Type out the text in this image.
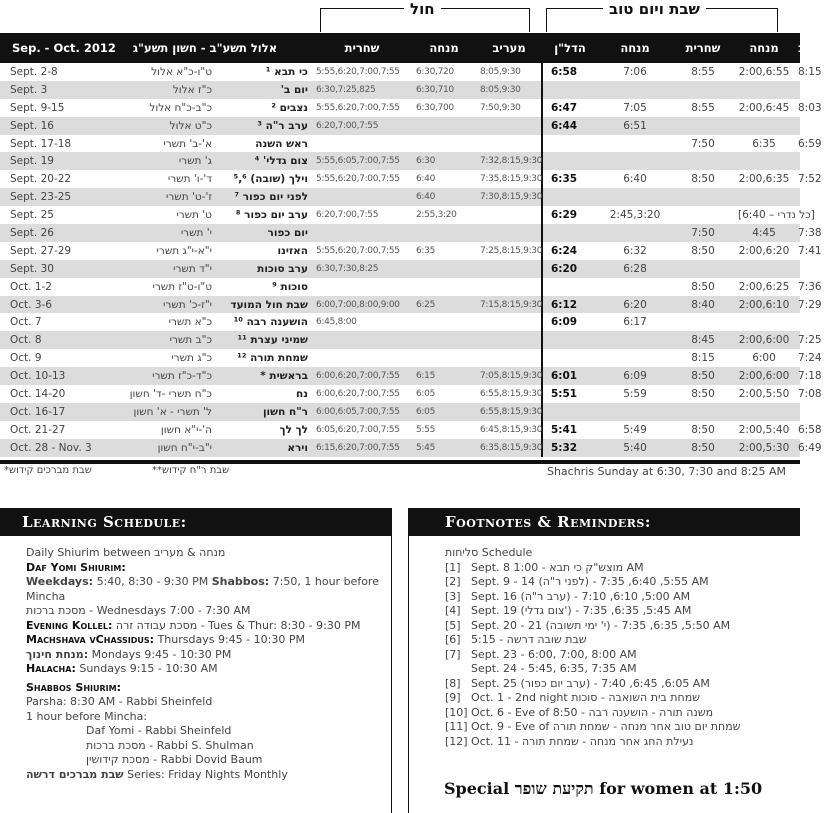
חול	שבת ויום טוב
Sep. - Oct. 2012	אלול תשע"ב - חשון תשע"ג		שחרית	מנחה	מעריב	הדל"ן	מנחה	שחרית	מנחה	מעריב
Sept. 2-8	ט"ו-כ"א אלול	כי תבא ¹	5:55,6:20,7:00,7:55	6:30,720	8:05,9:30	6:58	7:06	8:55	2:00,6:55	8:15
Sept. 3	כ"ז אלול	יום ב'	6:30,7:25,825	6:30,710	8:05,9:30					
Sept. 9-15	כ"ב-כ"ח אלול	נצבים ²	5:55,6:20,7:00,7:55	6:30,700	7:50,9:30	6:47	7:05	8:55	2:00,6:45	8:03
Sept. 16	כ"ט אלול	ערב ר"ה ³	6:20,7:00,7:55			6:44	6:51			
Sept. 17-18	א'-ב' תשרי	ראש השנה						7:50	6:35	6:59
Sept. 19	ג' תשרי	צום גדלי' ⁴	5:55,6:05,7:00,7:55	6:30	7:32,8:15,9:30					
Sept. 20-22	ד'-ו' תשרי	וילך (שובה) ⁵,⁶	5:55,6:20,7:00,7:55	6:40	7:35,8:15,9:30	6:35	6:40	8:50	2:00,6:35	7:52
Sept. 23-25	ז'-ט' תשרי	לפני יום כפור ⁷		6:40	7:30,8:15,9:30					
Sept. 25	ט' תשרי	ערב יום כפור ⁸	6:20,7:00,7:55	2:55,3:20		6:29	2:45,3:20		[כל נדרי – 6:40]	
Sept. 26	י' תשרי	יום כפור						7:50	4:45	7:38
Sept. 27-29	י"א-י"ג תשרי	האזינו	5:55,6:20,7:00,7:55	6:35	7:25,8:15,9:30	6:24	6:32	8:50	2:00,6:20	7:41
Sept. 30	י"ד תשרי	ערב סוכות	6:30,7:30,8:25			6:20	6:28			
Oct. 1-2	ט"ו-ט"ז תשרי	סוכות ⁹						8:50	2:00,6:25	7:36
Oct. 3-6	י"ז-כ' תשרי	שבת חול המועד	6:00,7:00,8:00,9:00	6:25	7:15,8:15,9:30	6:12	6:20	8:40	2:00,6:10	7:29
Oct. 7	כ"א תשרי	הושענה רבה ¹⁰	6:45,8:00			6:09	6:17			
Oct. 8	כ"ב תשרי	שמיני עצרת ¹¹						8:45	2:00,6:00	7:25
Oct. 9	כ"ג תשרי	שמחת תורה ¹²						8:15	6:00	7:24
Oct. 10-13	כ"ד-כ"ז תשרי	בראשית *	6:00,6:20,7:00,7:55	6:15	7:05,8:15,9:30	6:01	6:09	8:50	2:00,6:00	7:18
Oct. 14-20	כ"ח תשרי -ד' חשון	נח	6:00,6:20,7:00,7:55	6:05	6:55,8:15,9:30	5:51	5:59	8:50	2:00,5:50	7:08
Oct. 16-17	ל' תשרי - א' חשון	ר"ח חשון	6:00,6:05,7:00,7:55	6:05	6:55,8:15,9:30					
Oct. 21-27	ה'-י"א חשון	לך לך	6:05,6:20,7:00,7:55	5:55	6:45,8:15,9:30	5:41	5:49	8:50	2:00,5:40	6:58
Oct. 28 - Nov. 3	י"ב-י"ח חשון	וירא	6:15,6:20,7:00,7:55	5:45	6:35,8:15,9:30	5:32	5:40	8:50	2:00,5:30	6:49
שבת מברכים קידוש*	שבת ר"ח קידוש**	Shachris Sunday at 6:30, 7:30 and 8:25 AM
Learning Schedule:
Daily Shiurim between מנחה & מעריב
Daf Yomi Shiurim:
Weekdays: 5:40, 8:30 - 9:30 PM Shabbos: 7:50, 1 hour before Mincha
מסכת ברכות - Wednesdays 7:00 - 7:30 AM
Evening Kollel: מסכת עבודה זרה - Tues & Thur: 8:30 - 9:30 PM
Machshava vChassidus: Thursdays 9:45 - 10:30 PM
מנחת חינוך: Mondays 9:45 - 10:30 PM
Halacha: Sundays 9:15 - 10:30 AM
Shabbos Shiurim:
Parsha: 8:30 AM - Rabbi Sheinfeld
1 hour before Mincha:
Daf Yomi - Rabbi Sheinfeld
מסכת ברכות - Rabbi S. Shulman
מסכת קידושין - Rabbi Dovid Baum
שבת מברכים דרשה Series: Friday Nights Monthly
Footnotes & Reminders:
סליחות Schedule
[1] Sept. 8 מוצש"ק כי תבא - 1:00 AM
[2] Sept. 9 - 14 (לפני ר"ה) - 5:55, 6:40, 7:35 AM
[3] Sept. 16 (ערב ר"ה) - 5:00, 6:10, 7:10 AM
[4] Sept. 19 (צום גדלי') - 5:45, 6:35, 7:35 AM
[5] Sept. 20 - 21 (י' ימי תשובה) - 5:50, 6:35, 7:35 AM
[6] שבת שובה דרשה - 5:15
[7] Sept. 23 - 6:00, 7:00, 8:00 AM
Sept. 24 - 5:45, 6:35, 7:35 AM
[8] Sept. 25 (ערב יום כפור) - 6:05, 6:45, 7:40 AM
[9] Oct. 1 - 2nd night שמחת בית השואבה - סוכות
[10] Oct. 6 - Eve of משנה תורה - הושענה רבה - 8:50
[11] Oct. 9 - Eve of שמחת יום טוב אחר מנחה - שמחת תורה
[12] Oct. 11 - נעילת החג אחר מנחה - שמחת תורה
Special תקיעת שופר for women at 1:50
